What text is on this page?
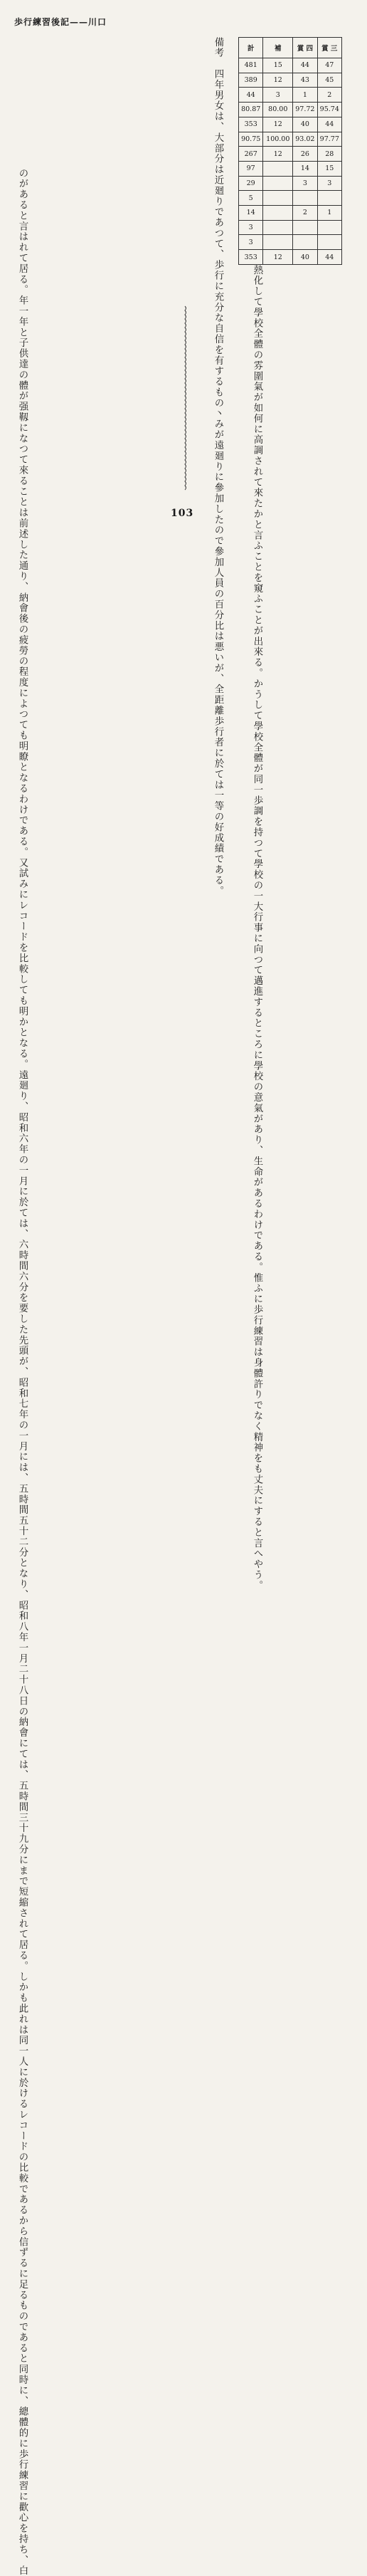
歩行練習後記——川口
計	補	賞 四	賞 三
481	15	44	47
389	12	43	45
44	3	1	2
80.87	80.00	97.72	95.74
353	12	40	44
90.75	100.00	93.02	97.77
267	12	26	28
97		14	15
29		3	3
5			
14		2	1
3			
3			
353	12	40	44
備考　四年男女は、大部分は近廻りであつて、歩行に充分な自信を有するもの丶みが遠廻りに參加したので參加人員の百分比は悪いが、全距離歩行者に於ては一等の好成績である。
のがあると言はれて居る。年一年と子供達の體が强靱になつて來ることは前述した通り、納會後の疲勞の程度によつても明瞭となるわけである。又試みにレコードを比較しても明かとなる。遠廻り、昭和六年の一月に於ては、六時間六分を要した先頭が、昭和七年の一月には、五時間五十二分となり、昭和八年一月二十八日の納會にては、五時間三十九分にまで短縮されて居る。しかも此れは同一人に於けるレコードの比較であるから信ずるに足るものであると同時に、總體的に歩行練習に歡心を持ち、白	熱化して學校全體の雰圍氣が如何に高調されて來たかと言ふことを窺ふことが出來る。かうして學校全體が同一歩調を持つて學校の一大行事に向つて邁進するところに學校の意氣があり、生命があるわけである。惟ふに歩行練習は身體許りでなく精神をも丈夫にすると言へやう。
103
